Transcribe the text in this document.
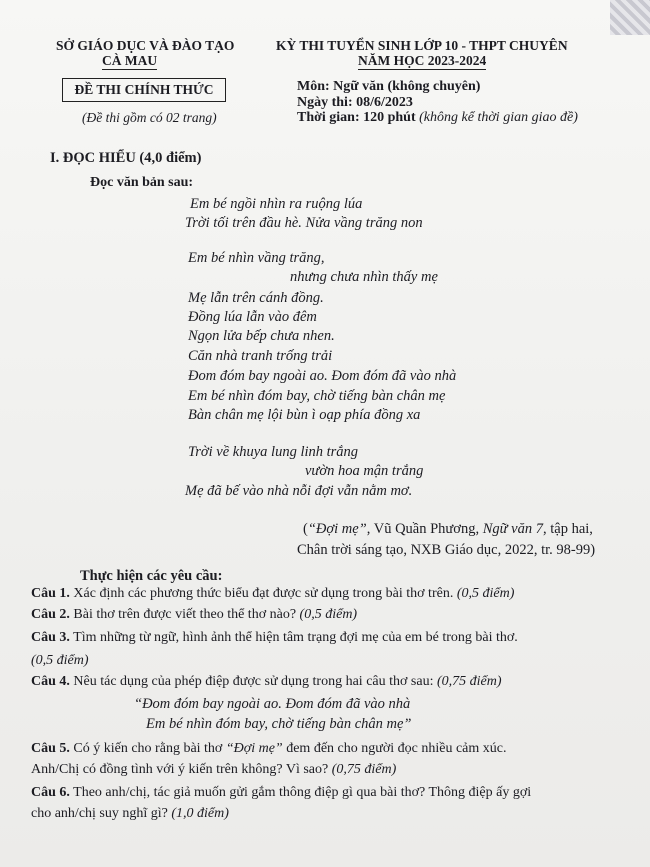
SỞ GIÁO DỤC VÀ ĐÀO TẠO
CÀ MAU
KỲ THI TUYỂN SINH LỚP 10 - THPT CHUYÊN
NĂM HỌC 2023-2024
ĐỀ THI CHÍNH THỨC
(Đề thi gồm có 02 trang)
Môn: Ngữ văn (không chuyên)
Ngày thi: 08/6/2023
Thời gian: 120 phút (không kể thời gian giao đề)
I. ĐỌC HIỂU (4,0 điểm)
Đọc văn bản sau:
Em bé ngồi nhìn ra ruộng lúa
Trời tối trên đầu hè. Nửa vầng trăng non
Em bé nhìn vầng trăng,
nhưng chưa nhìn thấy mẹ
Mẹ lẫn trên cánh đồng.
Đồng lúa lẫn vào đêm
Ngọn lửa bếp chưa nhen.
Căn nhà tranh trống trải
Đom đóm bay ngoài ao. Đom đóm đã vào nhà
Em bé nhìn đóm bay, chờ tiếng bàn chân mẹ
Bàn chân mẹ lội bùn ì oạp phía đồng xa
Trời về khuya lung linh trắng
vườn hoa mận trắng
Mẹ đã bế vào nhà nỗi đợi vẫn nằm mơ.
(“Đợi mẹ”, Vũ Quần Phương, Ngữ văn 7, tập hai,
Chân trời sáng tạo, NXB Giáo dục, 2022, tr. 98-99)
Thực hiện các yêu cầu:
Câu 1. Xác định các phương thức biểu đạt được sử dụng trong bài thơ trên. (0,5 điểm)
Câu 2. Bài thơ trên được viết theo thể thơ nào? (0,5 điểm)
Câu 3. Tìm những từ ngữ, hình ảnh thể hiện tâm trạng đợi mẹ của em bé trong bài thơ.
(0,5 điểm)
Câu 4. Nêu tác dụng của phép điệp được sử dụng trong hai câu thơ sau: (0,75 điểm)
“Đom đóm bay ngoài ao. Đom đóm đã vào nhà
Em bé nhìn đóm bay, chờ tiếng bàn chân mẹ”
Câu 5. Có ý kiến cho rằng bài thơ “Đợi mẹ” đem đến cho người đọc nhiều cảm xúc.
Anh/Chị có đồng tình với ý kiến trên không? Vì sao? (0,75 điểm)
Câu 6. Theo anh/chị, tác giả muốn gửi gắm thông điệp gì qua bài thơ? Thông điệp ấy gợi
cho anh/chị suy nghĩ gì? (1,0 điểm)
